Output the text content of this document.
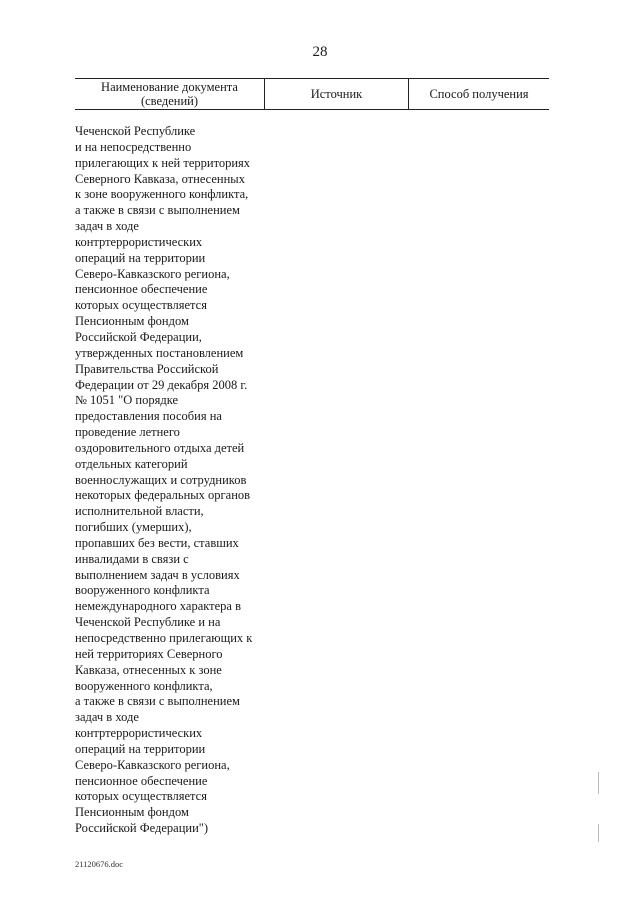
28
Наименование документа
(сведений)	Источник	Способ получения
Чеченской Республике
и на непосредственно
прилегающих к ней территориях
Северного Кавказа, отнесенных
к зоне вооруженного конфликта,
а также в связи с выполнением
задач в ходе
контртеррористических
операций на территории
Северо-Кавказского региона,
пенсионное обеспечение
которых осуществляется
Пенсионным фондом
Российской Федерации,
утвержденных постановлением
Правительства Российской
Федерации от 29 декабря 2008 г.
№ 1051 "О порядке
предоставления пособия на
проведение летнего
оздоровительного отдыха детей
отдельных категорий
военнослужащих и сотрудников
некоторых федеральных органов
исполнительной власти,
погибших (умерших),
пропавших без вести, ставших
инвалидами в связи с
выполнением задач в условиях
вооруженного конфликта
немеждународного характера в
Чеченской Республике и на
непосредственно прилегающих к
ней территориях Северного
Кавказа, отнесенных к зоне
вооруженного конфликта,
а также в связи с выполнением
задач в ходе
контртеррористических
операций на территории
Северо-Кавказского региона,
пенсионное обеспечение
которых осуществляется
Пенсионным фондом
Российской Федерации")
21120676.doc
